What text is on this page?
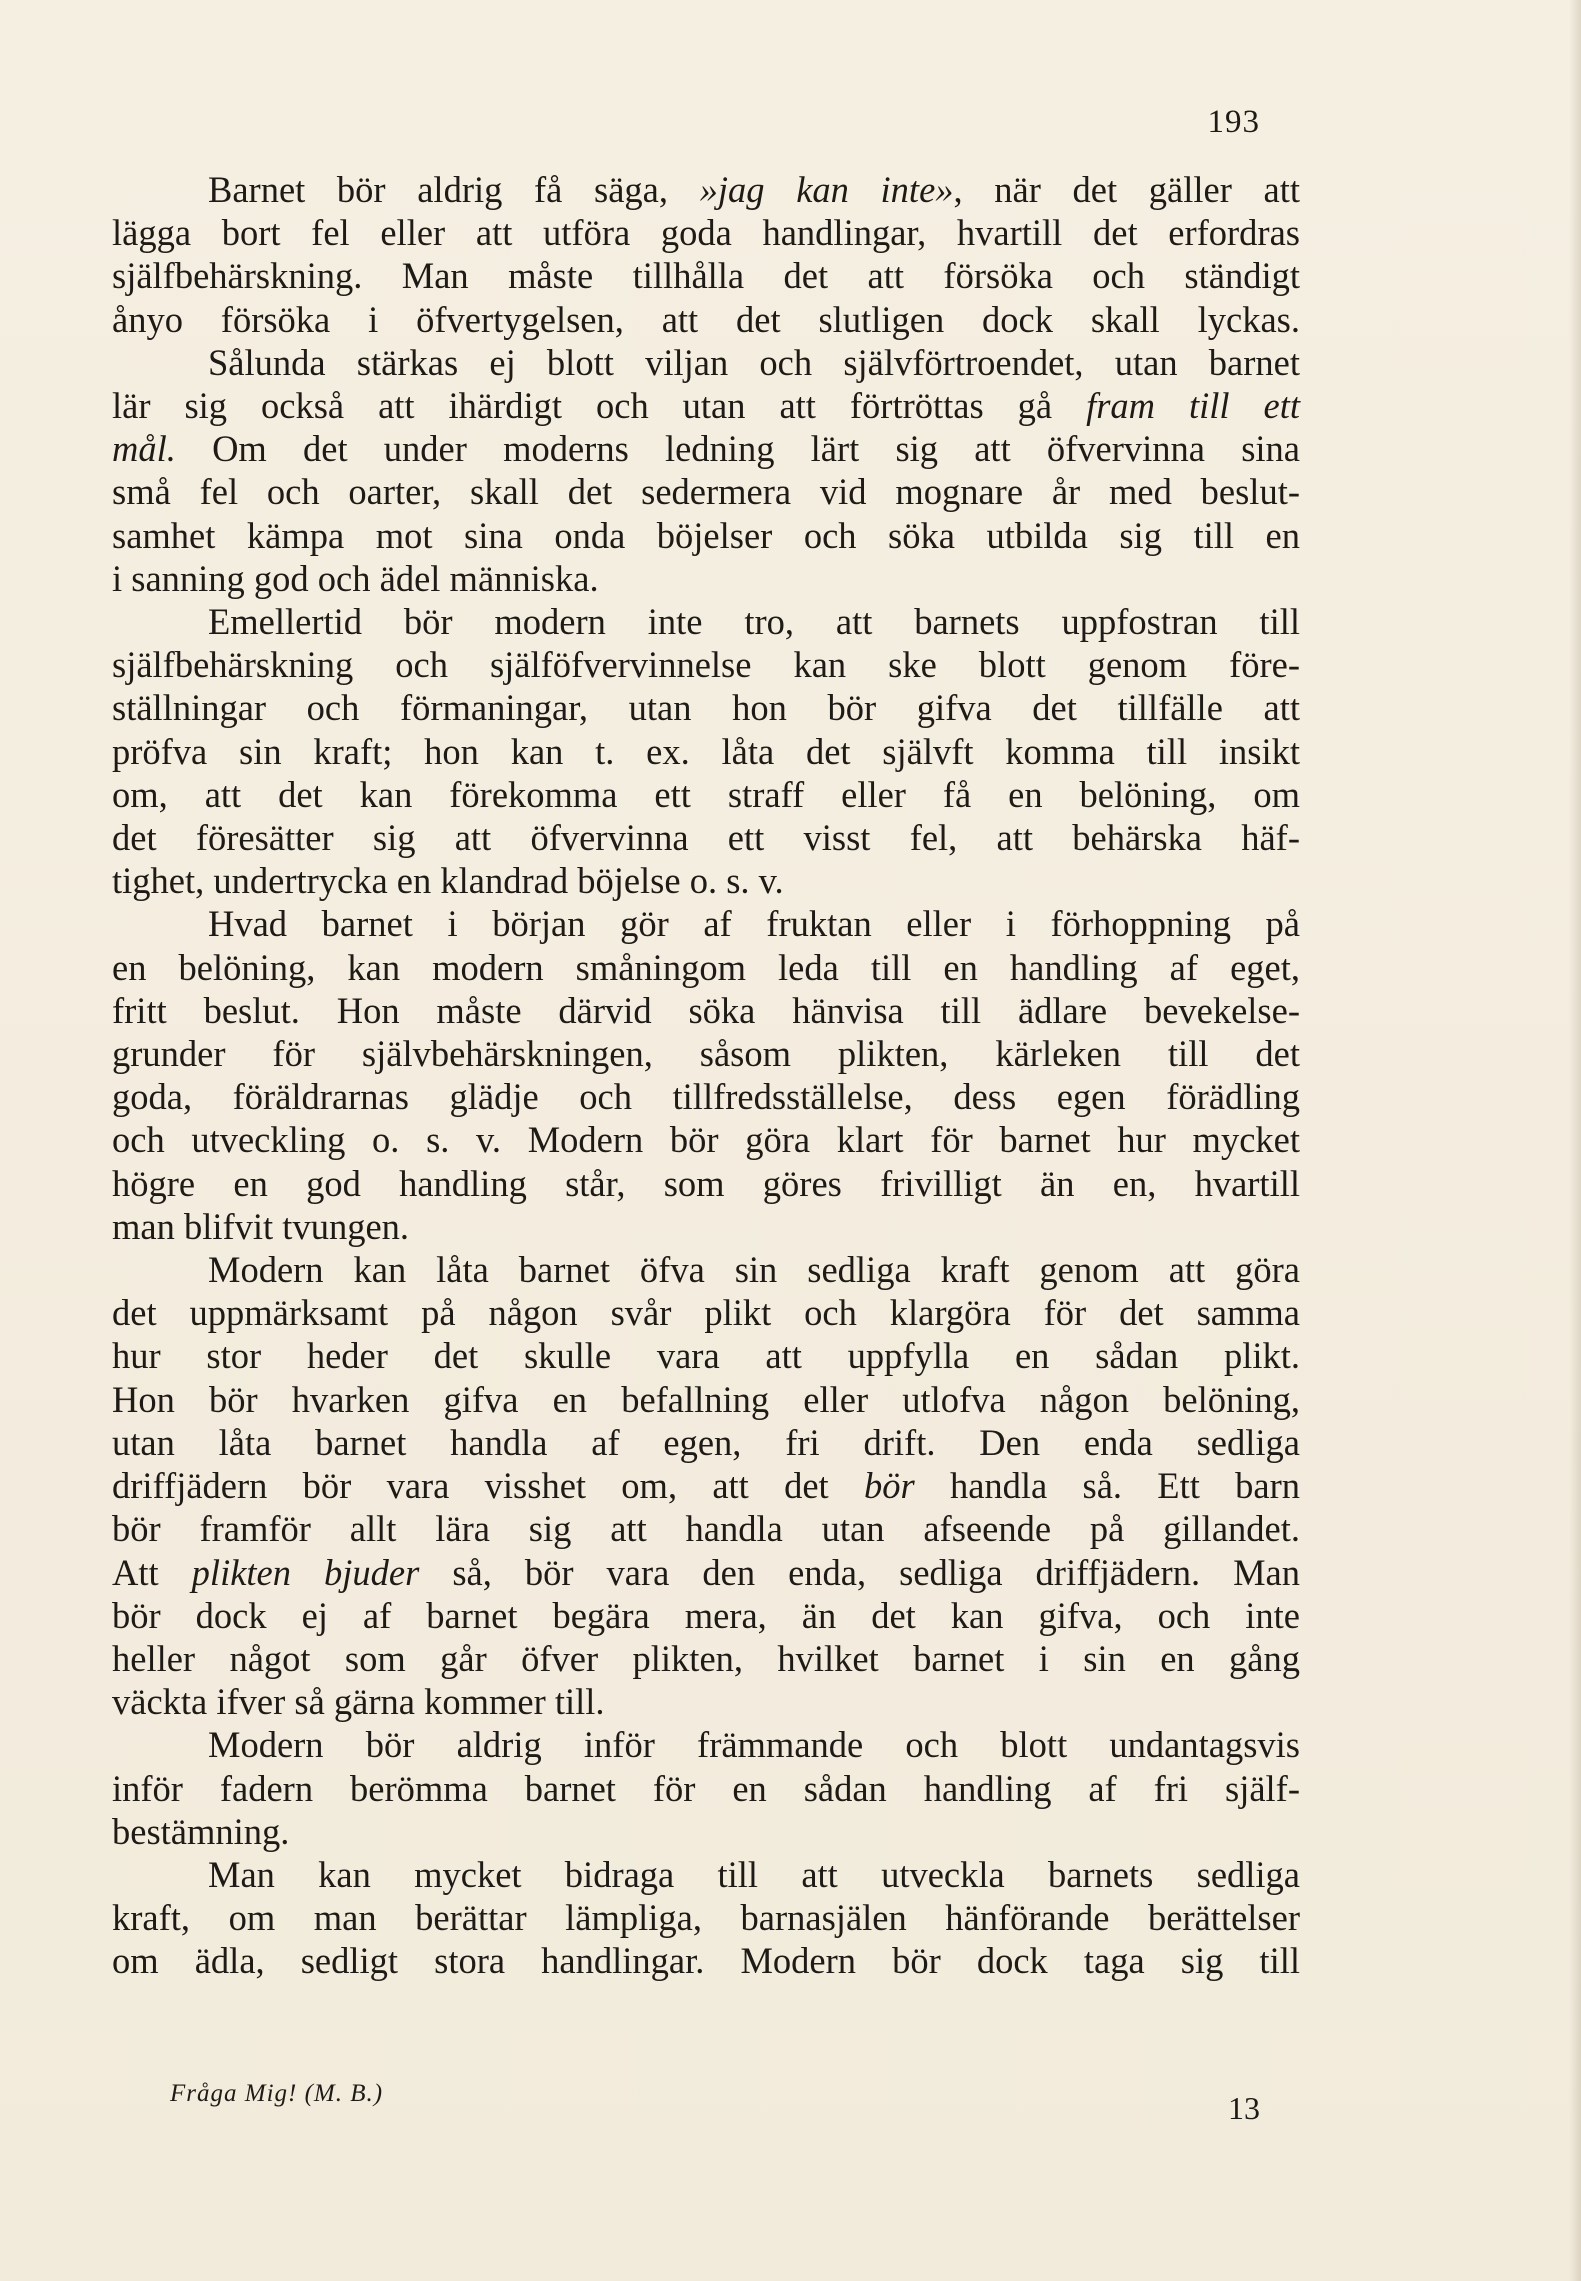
193

Barnet bör aldrig få säga, »jag kan inte», när det gäller att
lägga bort fel eller att utföra goda handlingar, hvartill det erfordras
själfbehärskning. Man måste tillhålla det att försöka och ständigt
ånyo försöka i öfvertygelsen, att det slutligen dock skall lyckas.

Sålunda stärkas ej blott viljan och självförtroendet, utan barnet
lär sig också att ihärdigt och utan att förtröttas gå fram till ett
mål. Om det under moderns ledning lärt sig att öfvervinna sina
små fel och oarter, skall det sedermera vid mognare år med beslut-
samhet kämpa mot sina onda böjelser och söka utbilda sig till en
i sanning god och ädel människa.

Emellertid bör modern inte tro, att barnets uppfostran till
själfbehärskning och själföfvervinnelse kan ske blott genom före-
ställningar och förmaningar, utan hon bör gifva det tillfälle att
pröfva sin kraft; hon kan t. ex. låta det självft komma till insikt
om, att det kan förekomma ett straff eller få en belöning, om
det föresätter sig att öfvervinna ett visst fel, att behärska häf-
tighet, undertrycka en klandrad böjelse o. s. v.

Hvad barnet i början gör af fruktan eller i förhoppning på
en belöning, kan modern småningom leda till en handling af eget,
fritt beslut. Hon måste därvid söka hänvisa till ädlare bevekelse-
grunder för självbehärskningen, såsom plikten, kärleken till det
goda, föräldrarnas glädje och tillfredsställelse, dess egen förädling
och utveckling o. s. v. Modern bör göra klart för barnet hur mycket
högre en god handling står, som göres frivilligt än en, hvartill
man blifvit tvungen.

Modern kan låta barnet öfva sin sedliga kraft genom att göra
det uppmärksamt på någon svår plikt och klargöra för det samma
hur stor heder det skulle vara att uppfylla en sådan plikt.
Hon bör hvarken gifva en befallning eller utlofva någon belöning,
utan låta barnet handla af egen, fri drift. Den enda sedliga
driffjädern bör vara visshet om, att det bör handla så. Ett barn
bör framför allt lära sig att handla utan afseende på gillandet.
Att plikten bjuder så, bör vara den enda, sedliga driffjädern. Man
bör dock ej af barnet begära mera, än det kan gifva, och inte
heller något som går öfver plikten, hvilket barnet i sin en gång
väckta ifver så gärna kommer till.

Modern bör aldrig inför främmande och blott undantagsvis
inför fadern berömma barnet för en sådan handling af fri själf-
bestämning.

Man kan mycket bidraga till att utveckla barnets sedliga
kraft, om man berättar lämpliga, barnasjälen hänförande berättelser
om ädla, sedligt stora handlingar. Modern bör dock taga sig till

Fråga Mig! (M. B.)	13
